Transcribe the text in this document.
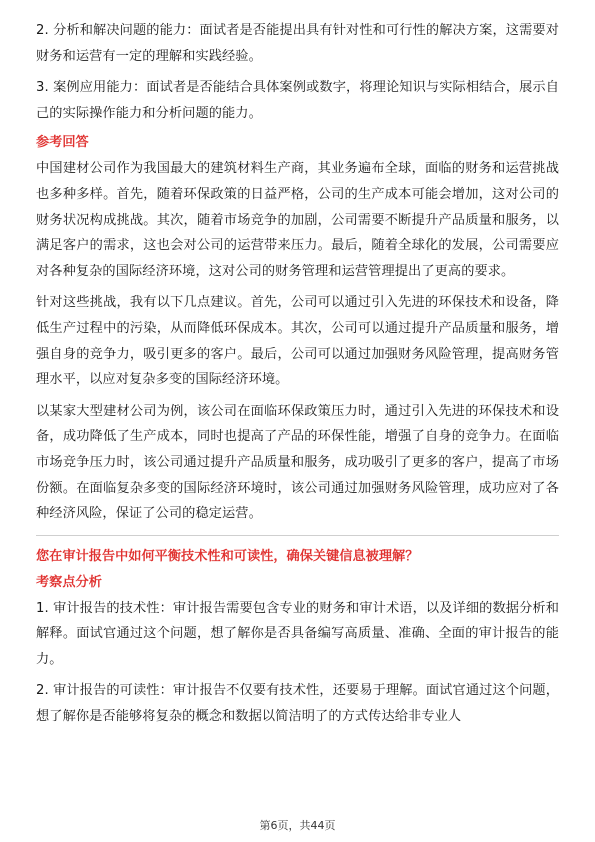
2. 分析和解决问题的能力：面试者是否能提出具有针对性和可行性的解决方案，这需要对财务和运营有一定的理解和实践经验。

3. 案例应用能力：面试者是否能结合具体案例或数字，将理论知识与实际相结合，展示自己的实际操作能力和分析问题的能力。

参考回答

中国建材公司作为我国最大的建筑材料生产商，其业务遍布全球，面临的财务和运营挑战也多种多样。首先，随着环保政策的日益严格，公司的生产成本可能会增加，这对公司的财务状况构成挑战。其次，随着市场竞争的加剧，公司需要不断提升产品质量和服务，以满足客户的需求，这也会对公司的运营带来压力。最后，随着全球化的发展，公司需要应对各种复杂的国际经济环境，这对公司的财务管理和运营管理提出了更高的要求。

针对这些挑战，我有以下几点建议。首先，公司可以通过引入先进的环保技术和设备，降低生产过程中的污染，从而降低环保成本。其次，公司可以通过提升产品质量和服务，增强自身的竞争力，吸引更多的客户。最后，公司可以通过加强财务风险管理，提高财务管理水平，以应对复杂多变的国际经济环境。

以某家大型建材公司为例，该公司在面临环保政策压力时，通过引入先进的环保技术和设备，成功降低了生产成本，同时也提高了产品的环保性能，增强了自身的竞争力。在面临市场竞争压力时，该公司通过提升产品质量和服务，成功吸引了更多的客户，提高了市场份额。在面临复杂多变的国际经济环境时，该公司通过加强财务风险管理，成功应对了各种经济风险，保证了公司的稳定运营。

您在审计报告中如何平衡技术性和可读性，确保关键信息被理解？
考察点分析

1. 审计报告的技术性：审计报告需要包含专业的财务和审计术语，以及详细的数据分析和解释。面试官通过这个问题，想了解你是否具备编写高质量、准确、全面的审计报告的能力。

2. 审计报告的可读性：审计报告不仅要有技术性，还要易于理解。面试官通过这个问题，想了解你是否能够将复杂的概念和数据以简洁明了的方式传达给非专业人

第6页，共44页
